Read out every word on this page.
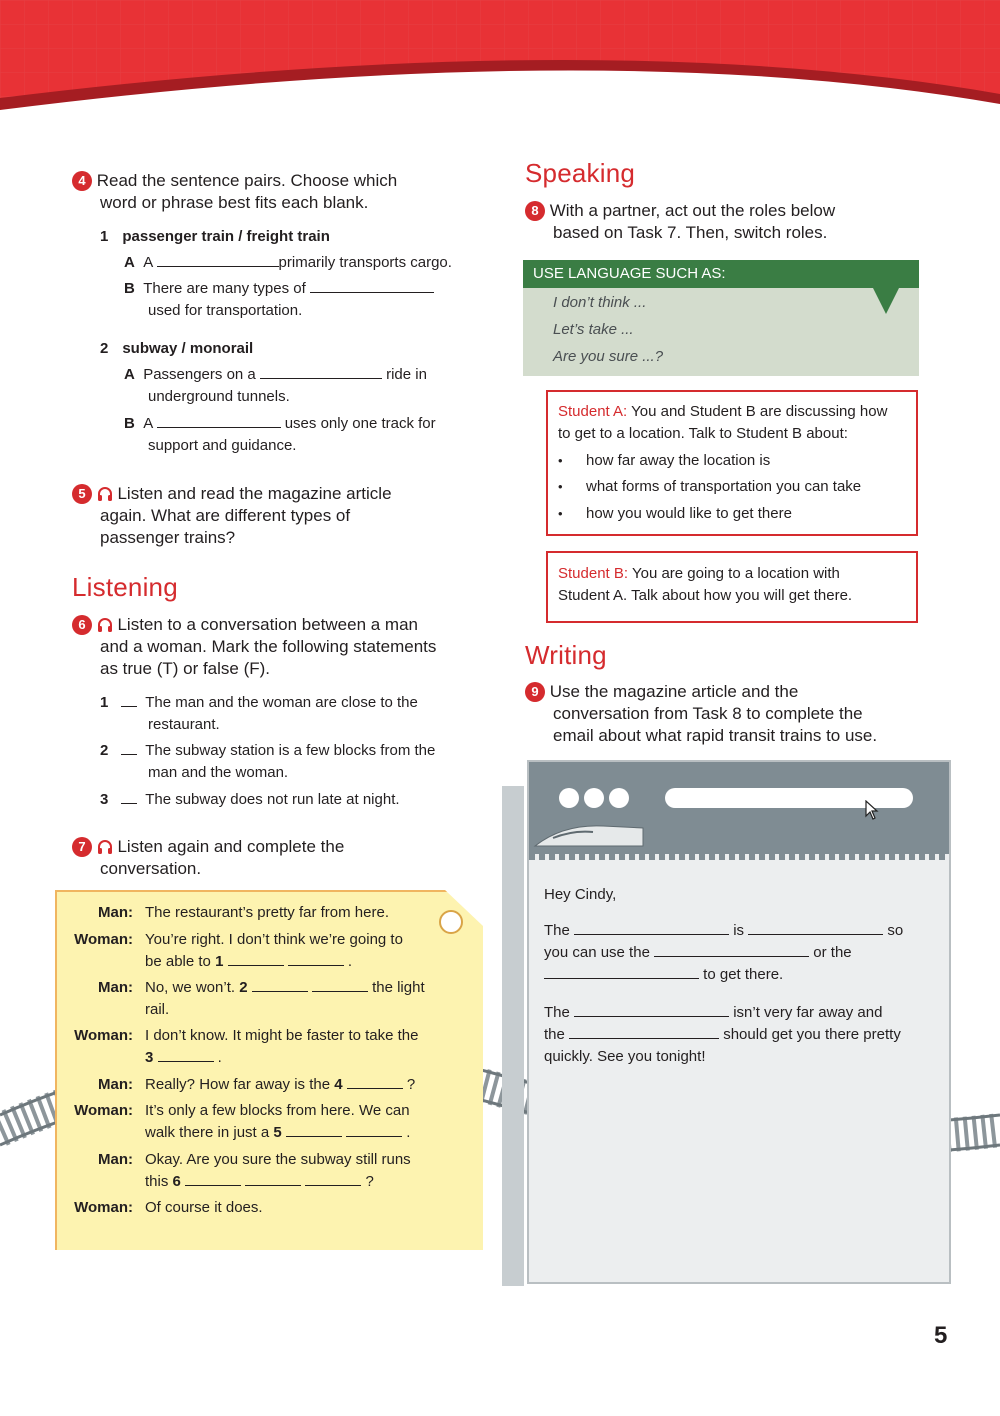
4 Read the sentence pairs. Choose which
word or phrase best fits each blank.
1 passenger train / freight train
A A	primarily transports cargo.
B There are many types of
used for transportation.
2 subway / monorail
A Passengers on a	ride in
underground tunnels.
B A	uses only one track for
support and guidance.
5 Listen and read the magazine article
again. What are different types of
passenger trains?
Listening
6 Listen to a conversation between a man
and a woman. Mark the following statements
as true (T) or false (F).
1 The man and the woman are close to the
restaurant.
2 The subway station is a few blocks from the
man and the woman.
3 The subway does not run late at night.
7 Listen again and complete the
conversation.
Man: The restaurant’s pretty far from here.
Woman: You’re right. I don’t think we’re going to
be able to 1	.
Man: No, we won’t. 2	the light
rail.
Woman: I don’t know. It might be faster to take the
3	.
Man: Really? How far away is the 4	?
Woman: It’s only a few blocks from here. We can
walk there in just a 5	.
Man: Okay. Are you sure the subway still runs
this 6	?
Woman: Of course it does.
Speaking
8 With a partner, act out the roles below
based on Task 7. Then, switch roles.
USE LANGUAGE SUCH AS:
I don’t think ...
Let’s take ...
Are you sure ...?
Student A: You and Student B are discussing how
to get to a location. Talk to Student B about:
• how far away the location is
• what forms of transportation you can take
• how you would like to get there
Student B: You are going to a location with
Student A. Talk about how you will get there.
Writing
9 Use the magazine article and the
conversation from Task 8 to complete the
email about what rapid transit trains to use.
Hey Cindy,
The	is	so
you can use the	or the
to get there.
The	isn’t very far away and
the	should get you there pretty
quickly. See you tonight!
5
